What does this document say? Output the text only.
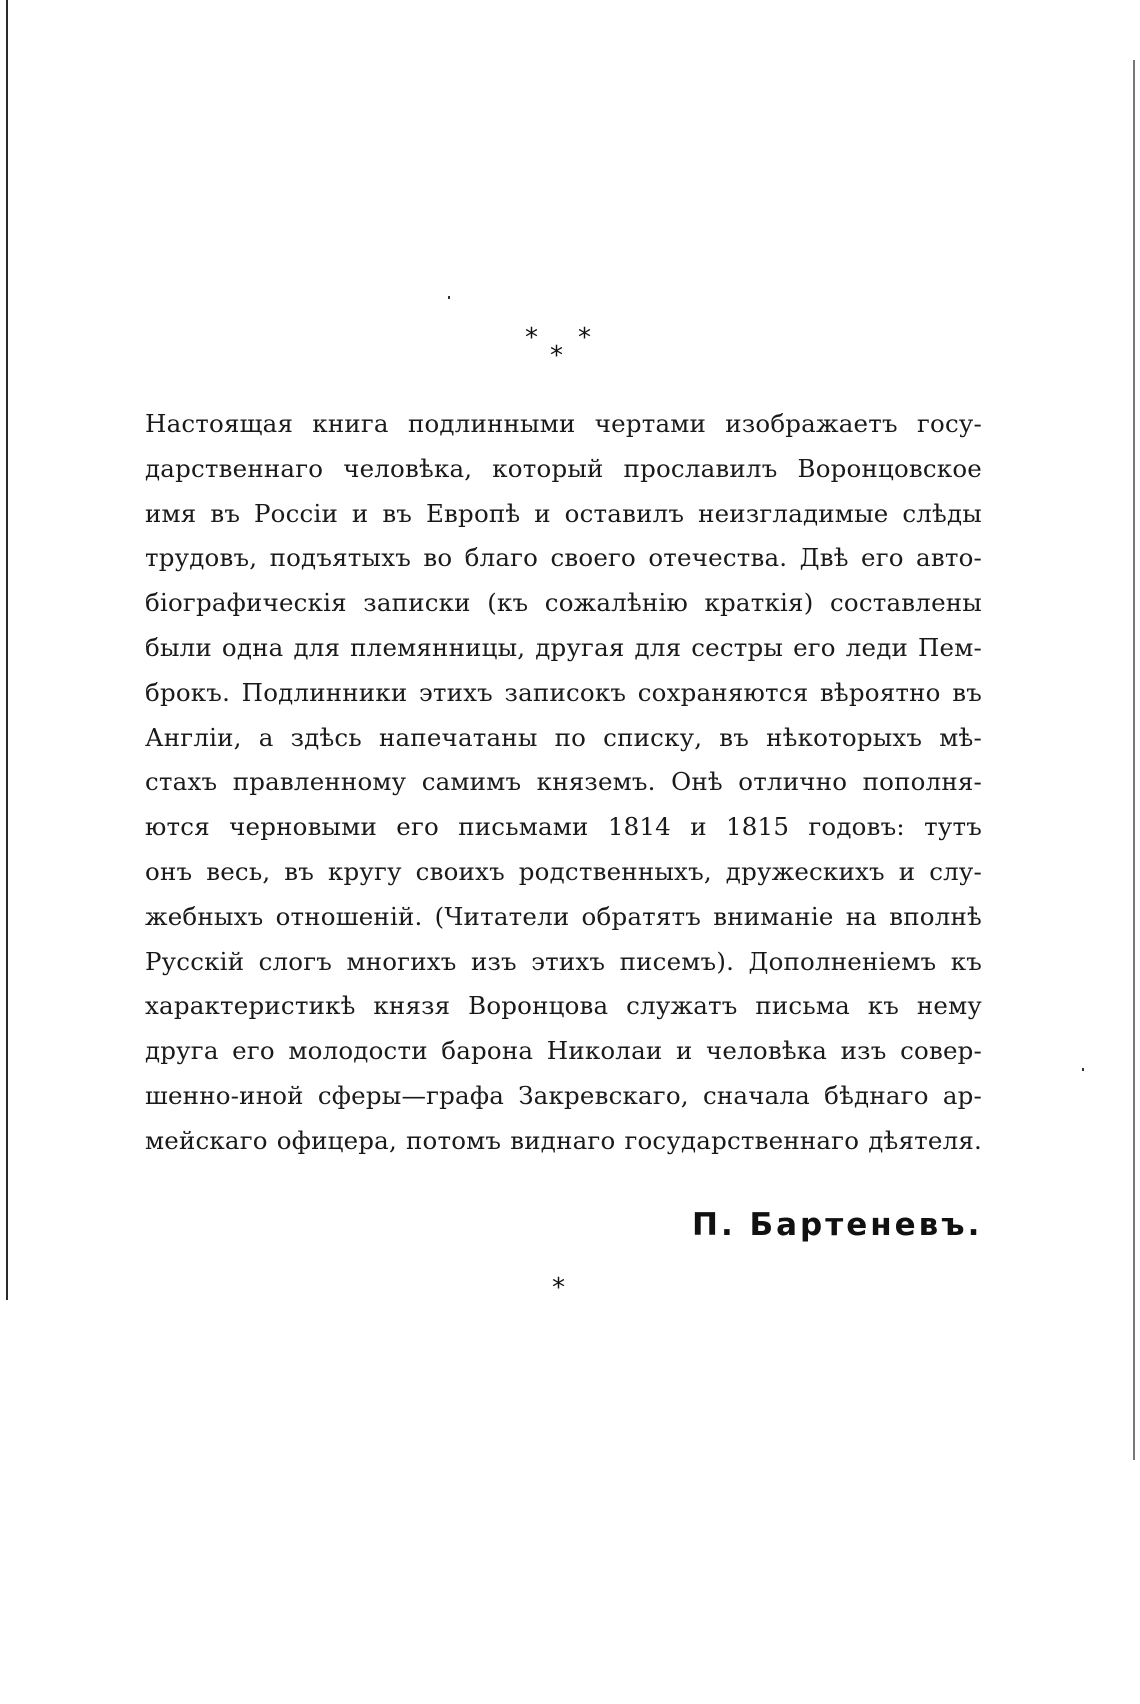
* *
*
Настоящая книга подлинными чертами изображаетъ госу-
дарственнаго человѣка, который прославилъ Воронцовское
имя въ Россіи и въ Европѣ и оставилъ неизгладимые слѣды
трудовъ, подъятыхъ во благо своего отечества. Двѣ его авто-
біографическія записки (къ сожалѣнію краткія) составлены
были одна для племянницы, другая для сестры его леди Пем-
брокъ. Подлинники этихъ записокъ сохраняются вѣроятно въ
Англіи, а здѣсь напечатаны по списку, въ нѣкоторыхъ мѣ-
стахъ правленному самимъ княземъ. Онѣ отлично пополня-
ются черновыми его письмами 1814 и 1815 годовъ: тутъ
онъ весь, въ кругу своихъ родственныхъ, дружескихъ и слу-
жебныхъ отношеній. (Читатели обратятъ вниманіе на вполнѣ
Русскій слогъ многихъ изъ этихъ писемъ). Дополненіемъ къ
характеристикѣ князя Воронцова служатъ письма къ нему
друга его молодости барона Николаи и человѣка изъ совер-
шенно-иной сферы—графа Закревскаго, сначала бѣднаго ар-
мейскаго офицера, потомъ виднаго государственнаго дѣятеля.
П. Бартеневъ.
*
